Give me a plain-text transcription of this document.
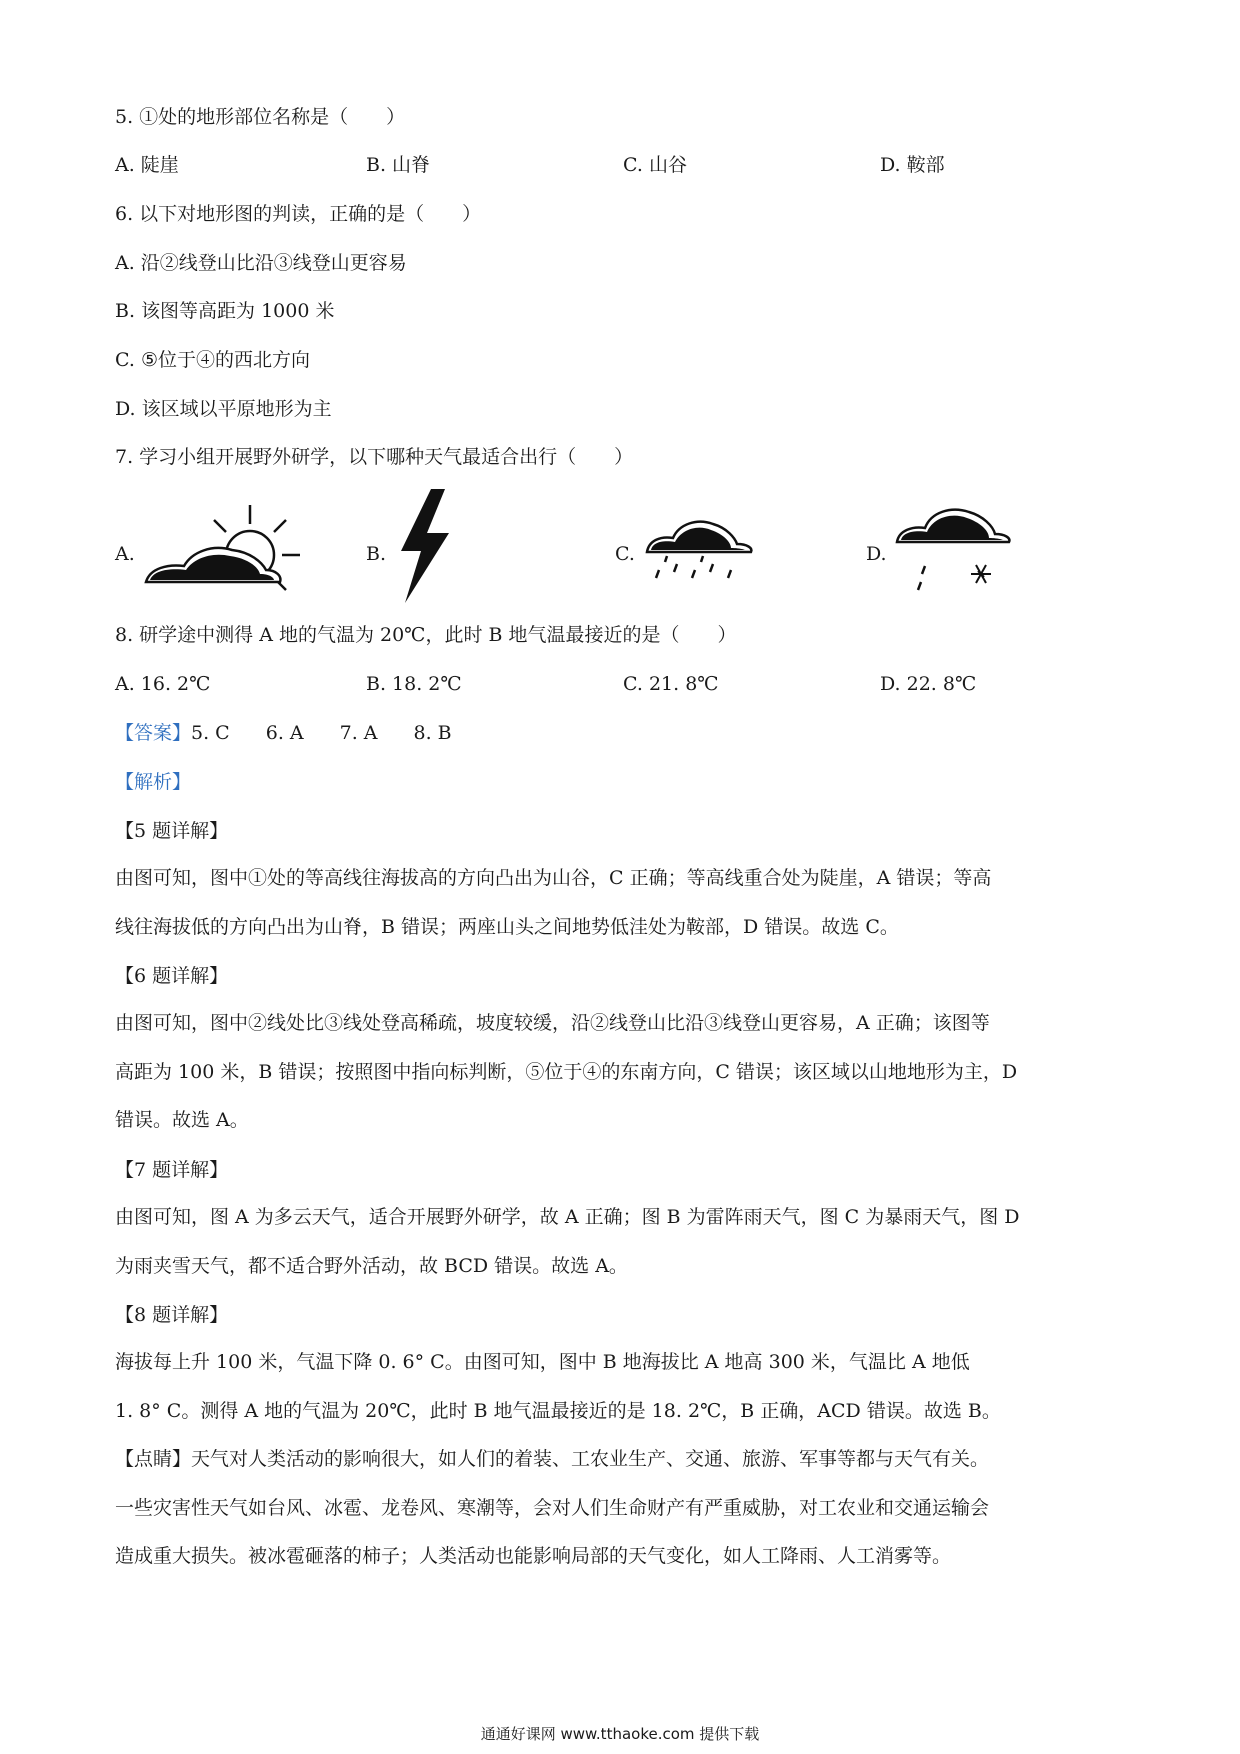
5. ①处的地形部位名称是（　　）
A. 陡崖	B. 山脊	C. 山谷	D. 鞍部
6. 以下对地形图的判读，正确的是（　　）
A. 沿②线登山比沿③线登山更容易
B. 该图等高距为 1000 米
C. ⑤位于④的西北方向
D. 该区域以平原地形为主
7. 学习小组开展野外研学，以下哪种天气最适合出行（　　）
A.	B.	C.	D.
8. 研学途中测得 A 地的气温为 20℃，此时 B 地气温最接近的是（　　）
A. 16. 2℃	B. 18. 2℃	C. 21. 8℃	D. 22. 8℃
【答案】5. C 6. A 7. A 8. B
【解析】
【5 题详解】
由图可知，图中①处的等高线往海拔高的方向凸出为山谷，C 正确；等高线重合处为陡崖，A 错误；等高
线往海拔低的方向凸出为山脊，B 错误；两座山头之间地势低洼处为鞍部，D 错误。故选 C。
【6 题详解】
由图可知，图中②线处比③线处登高稀疏，坡度较缓，沿②线登山比沿③线登山更容易，A 正确；该图等
高距为 100 米，B 错误；按照图中指向标判断，⑤位于④的东南方向，C 错误；该区域以山地地形为主，D
错误。故选 A。
【7 题详解】
由图可知，图 A 为多云天气，适合开展野外研学，故 A 正确；图 B 为雷阵雨天气，图 C 为暴雨天气，图 D
为雨夹雪天气，都不适合野外活动，故 BCD 错误。故选 A。
【8 题详解】
海拔每上升 100 米，气温下降 0. 6° C。由图可知，图中 B 地海拔比 A 地高 300 米，气温比 A 地低
1. 8° C。测得 A 地的气温为 20℃，此时 B 地气温最接近的是 18. 2℃，B 正确，ACD 错误。故选 B。
【点睛】天气对人类活动的影响很大，如人们的着装、工农业生产、交通、旅游、军事等都与天气有关。
一些灾害性天气如台风、冰雹、龙卷风、寒潮等，会对人们生命财产有严重威胁，对工农业和交通运输会
造成重大损失。被冰雹砸落的柿子；人类活动也能影响局部的天气变化，如人工降雨、人工消雾等。
通通好课网 www.tthaoke.com 提供下载
